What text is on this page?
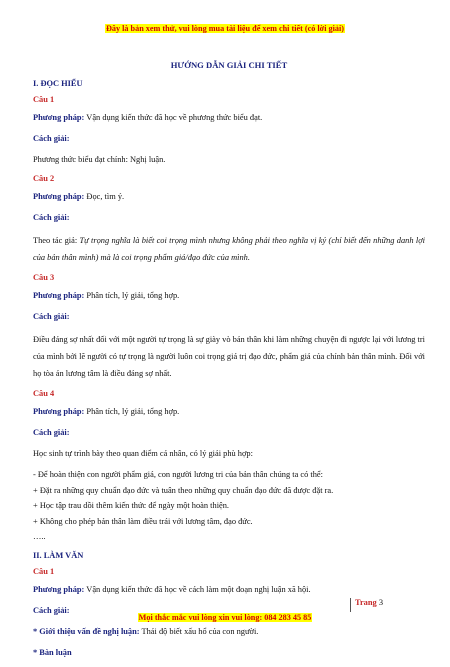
Đây là bản xem thử, vui lòng mua tài liệu để xem chi tiết (có lời giải)
HƯỚNG DẪN GIẢI CHI TIẾT
I. ĐỌC HIỂU
Câu 1
Phương pháp: Vận dụng kiến thức đã học về phương thức biểu đạt.
Cách giải:
Phương thức biểu đạt chính: Nghị luận.
Câu 2
Phương pháp: Đọc, tìm ý.
Cách giải:
Theo tác giả: Tự trọng nghĩa là biết coi trọng mình nhưng không phải theo nghĩa vị kỷ (chỉ biết đến những danh lợi của bản thân mình) mà là coi trọng phẩm giá/đạo đức của mình.
Câu 3
Phương pháp: Phân tích, lý giải, tổng hợp.
Cách giải:
Điều đáng sợ nhất đối với một người tự trọng là sự giày vò bản thân khi làm những chuyện đi ngược lại với lương tri của mình bởi lẽ người có tự trọng là người luôn coi trọng giá trị đạo đức, phẩm giá của chính bản thân mình. Đối với họ tòa án lương tâm là điều đáng sợ nhất.
Câu 4
Phương pháp: Phân tích, lý giải, tổng hợp.
Cách giải:
Học sinh tự trình bày theo quan điểm cá nhân, có lý giải phù hợp:
- Để hoàn thiện con người phẩm giá, con người lương tri của bản thân chúng ta có thể:
+ Đặt ra những quy chuẩn đạo đức và tuân theo những quy chuẩn đạo đức đã được đặt ra.
+ Học tập trau dồi thêm kiến thức để ngày một hoàn thiện.
+ Không cho phép bản thân làm điều trái với lương tâm, đạo đức.
…..
II. LÀM VĂN
Câu 1
Phương pháp: Vận dụng kiến thức đã học về cách làm một đoạn nghị luận xã hội.
Cách giải:
* Giới thiệu vấn đề nghị luận: Thái độ biết xấu hổ của con người.
* Bàn luận
Trang 3
Mọi thắc mắc vui lòng xin vui lòng: 084 283 45 85
